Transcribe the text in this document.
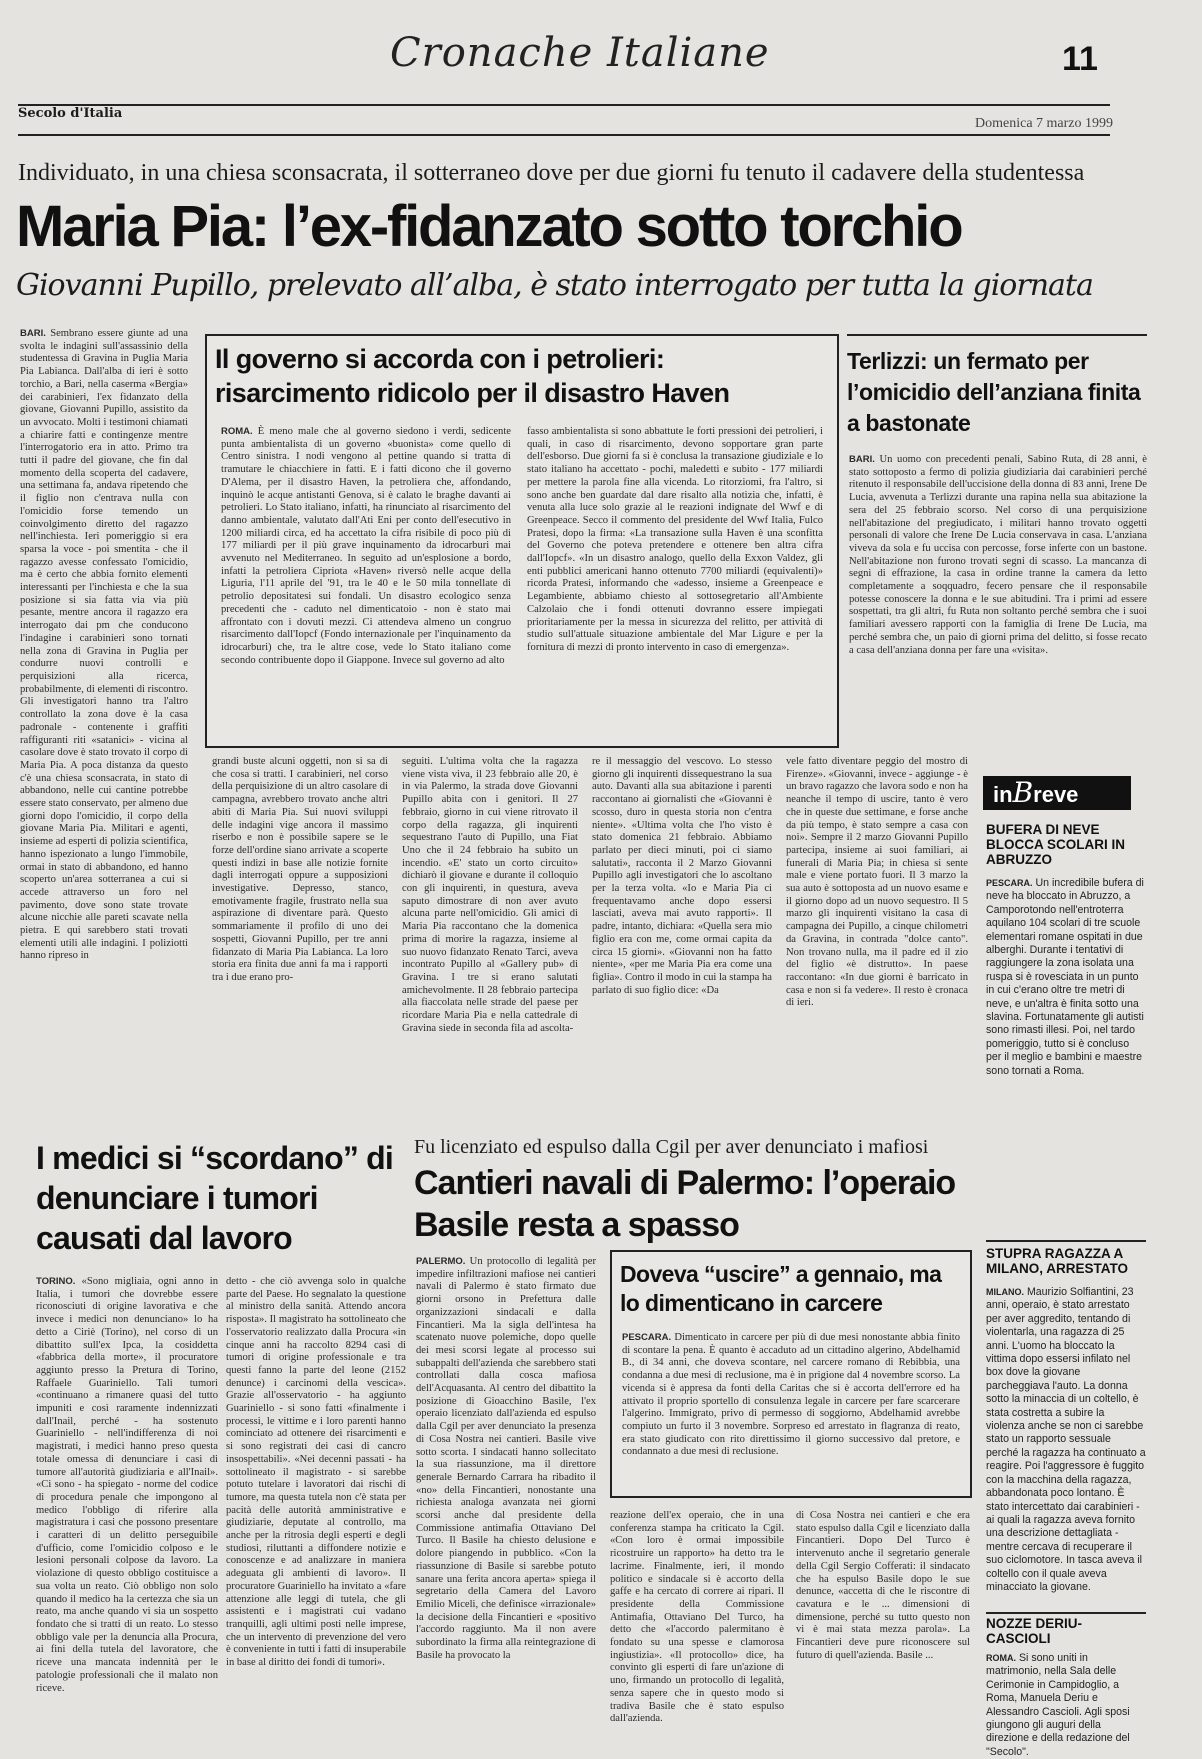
Cronache Italiane	11
Secolo d'Italia
Domenica 7 marzo 1999
Individuato, in una chiesa sconsacrata, il sotterraneo dove per due giorni fu tenuto il cadavere della studentessa
Maria Pia: l’ex-fidanzato sotto torchio
Giovanni Pupillo, prelevato all’alba, è stato interrogato per tutta la giornata

BARI. Sembrano essere giunte ad una svolta le indagini sull'assassinio della studentessa di Gravina in Puglia Maria Pia Labianca. Dall'alba di ieri è sotto torchio, a Bari, nella caserma «Bergia» dei carabinieri, l'ex fidanzato della giovane, Giovanni Pupillo, assistito da un avvocato. Molti i testimoni chiamati a chiarire fatti e contingenze mentre l'interrogatorio era in atto. Primo tra tutti il padre del giovane, che fin dal momento della scoperta del cadavere, una settimana fa, andava ripetendo che il figlio non c'entrava nulla con l'omicidio forse temendo un coinvolgimento diretto del ragazzo nell'inchiesta. Ieri pomeriggio si era sparsa la voce - poi smentita - che il ragazzo avesse confessato l'omicidio, ma è certo che abbia fornito elementi interessanti per l'inchiesta e che la sua posizione si sia fatta via via più pesante, mentre ancora il ragazzo era interrogato dai pm che conducono l'indagine i carabinieri sono tornati nella zona di Gravina in Puglia per condurre nuovi controlli e perquisizioni alla ricerca, probabilmente, di elementi di riscontro. Gli investigatori hanno tra l'altro controllato la zona dove è la casa padronale - contenente i graffiti raffiguranti riti «satanici» - vicina al casolare dove è stato trovato il corpo di Maria Pia. A poca distanza da questo c'è una chiesa sconsacrata, in stato di abbandono, nelle cui cantine potrebbe essere stato conservato, per almeno due giorni dopo l'omicidio, il corpo della giovane Maria Pia. Militari e agenti, insieme ad esperti di polizia scientifica, hanno ispezionato a lungo l'immobile, ormai in stato di abbandono, ed hanno scoperto un'area sotterranea a cui si accede attraverso un foro nel pavimento, dove sono state trovate alcune nicchie alle pareti scavate nella pietra. E qui sarebbero stati trovati elementi utili alle indagini. I poliziotti hanno ripreso in

Il governo si accorda con i petrolieri: risarcimento ridicolo per il disastro Haven

ROMA. È meno male che al governo siedono i verdi, sedicente punta ambientalista di un governo «buonista» come quello di Centro sinistra. I nodi vengono al pettine quando si tratta di tramutare le chiacchiere in fatti. E i fatti dicono che il governo D'Alema, per il disastro Haven, la petroliera che, affondando, inquinò le acque antistanti Genova, si è calato le braghe davanti ai petrolieri. Lo Stato italiano, infatti, ha rinunciato al risarcimento del danno ambientale, valutato dall'Ati Eni per conto dell'esecutivo in 1200 miliardi circa, ed ha accettato la cifra risibile di poco più di 177 miliardi per il più grave inquinamento da idrocarburi mai avvenuto nel Mediterraneo. In seguito ad un'esplosione a bordo, infatti la petroliera Cipriota «Haven» riversò nelle acque della Liguria, l'11 aprile del '91, tra le 40 e le 50 mila tonnellate di petrolio depositatesi sui fondali. Un disastro ecologico senza precedenti che - caduto nel dimenticatoio - non è stato mai affrontato con i dovuti mezzi. Ci attendeva almeno un congruo risarcimento dall'Iopcf (Fondo internazionale per l'inquinamento da idrocarburi) che, tra le altre cose, vede lo Stato italiano come secondo contribuente dopo il Giappone. Invece sul governo ad alto

fasso ambientalista si sono abbattute le forti pressioni dei petrolieri, i quali, in caso di risarcimento, devono sopportare gran parte dell'esborso. Due giorni fa si è conclusa la transazione giudiziale e lo stato italiano ha accettato - pochi, maledetti e subito - 177 miliardi per mettere la parola fine alla vicenda. Lo ritorziomi, fra l'altro, si sono anche ben guardate dal dare risalto alla notizia che, infatti, è venuta alla luce solo grazie al le reazioni indignate del Wwf e di Greenpeace. Secco il commento del presidente del Wwf Italia, Fulco Pratesi, dopo la firma: «La transazione sulla Haven è una sconfitta del Governo che poteva pretendere e ottenere ben altra cifra dall'Iopcf». «In un disastro analogo, quello della Exxon Valdez, gli enti pubblici americani hanno ottenuto 7700 miliardi (equivalenti)» ricorda Pratesi, informando che «adesso, insieme a Greenpeace e Legambiente, abbiamo chiesto al sottosegretario all'Ambiente Calzolaio che i fondi ottenuti dovranno essere impiegati prioritariamente per la messa in sicurezza del relitto, per attività di studio sull'attuale situazione ambientale del Mar Ligure e per la fornitura di mezzi di pronto intervento in caso di emergenza».

Terlizzi: un fermato per l’omicidio dell’anziana finita a bastonate

BARI. Un uomo con precedenti penali, Sabino Ruta, di 28 anni, è stato sottoposto a fermo di polizia giudiziaria dai carabinieri perché ritenuto il responsabile dell'uccisione della donna di 83 anni, Irene De Lucia, avvenuta a Terlizzi durante una rapina nella sua abitazione la sera del 25 febbraio scorso. Nel corso di una perquisizione nell'abitazione del pregiudicato, i militari hanno trovato oggetti personali di valore che Irene De Lucia conservava in casa. L'anziana viveva da sola e fu uccisa con percosse, forse inferte con un bastone. Nell'abitazione non furono trovati segni di scasso. La mancanza di segni di effrazione, la casa in ordine tranne la camera da letto completamente a soqquadro, fecero pensare che il responsabile potesse conoscere la donna e le sue abitudini. Tra i primi ad essere sospettati, tra gli altri, fu Ruta non soltanto perché sembra che i suoi familiari avessero rapporti con la famiglia di Irene De Lucia, ma perché sembra che, un paio di giorni prima del delitto, si fosse recato a casa dell'anziana donna per fare una «visita».

grandi buste alcuni oggetti, non si sa di che cosa si tratti. I carabinieri, nel corso della perquisizione di un altro casolare di campagna, avrebbero trovato anche altri abiti di Maria Pia. Sui nuovi sviluppi delle indagini vige ancora il massimo riserbo e non è possibile sapere se le forze dell'ordine siano arrivate a scoperte questi indizi in base alle notizie fornite dagli interrogati oppure a supposizioni investigative. Depresso, stanco, emotivamente fragile, frustrato nella sua aspirazione di diventare parà. Questo sommariamente il profilo di uno dei sospetti, Giovanni Pupillo, per tre anni fidanzato di Maria Pia Labianca. La loro storia era finita due anni fa ma i rapporti tra i due erano pro-

seguiti. L'ultima volta che la ragazza viene vista viva, il 23 febbraio alle 20, è in via Palermo, la strada dove Giovanni Pupillo abita con i genitori. Il 27 febbraio, giorno in cui viene ritrovato il corpo della ragazza, gli inquirenti sequestrano l'auto di Pupillo, una Fiat Uno che il 24 febbraio ha subito un incendio. «E' stato un corto circuito» dichiarò il giovane e durante il colloquio con gli inquirenti, in questura, aveva saputo dimostrare di non aver avuto alcuna parte nell'omicidio. Gli amici di Maria Pia raccontano che la domenica prima di morire la ragazza, insieme al suo nuovo fidanzato Renato Tarci, aveva incontrato Pupillo al «Gallery pub» di Gravina. I tre si erano salutati amichevolmente. Il 28 febbraio partecipa alla fiaccolata nelle strade del paese per ricordare Maria Pia e nella cattedrale di Gravina siede in seconda fila ad ascolta-

re il messaggio del vescovo. Lo stesso giorno gli inquirenti dissequestrano la sua auto. Davanti alla sua abitazione i parenti raccontano ai giornalisti che «Giovanni è scosso, duro in questa storia non c'entra niente». «Ultima volta che l'ho visto è stato domenica 21 febbraio. Abbiamo parlato per dieci minuti, poi ci siamo salutati», racconta il 2 Marzo Giovanni Pupillo agli investigatori che lo ascoltano per la terza volta. «Io e Maria Pia ci frequentavamo anche dopo essersi lasciati, aveva mai avuto rapporti». Il padre, intanto, dichiara: «Quella sera mio figlio era con me, come ormai capita da circa 15 giorni». «Giovanni non ha fatto niente», «per me Maria Pia era come una figlia». Contro il modo in cui la stampa ha parlato di suo figlio dice: «Da

vele fatto diventare peggio del mostro di Firenze». «Giovanni, invece - aggiunge - è un bravo ragazzo che lavora sodo e non ha neanche il tempo di uscire, tanto è vero che in queste due settimane, e forse anche da più tempo, è stato sempre a casa con noi». Sempre il 2 marzo Giovanni Pupillo partecipa, insieme ai suoi familiari, ai funerali di Maria Pia; in chiesa si sente male e viene portato fuori. Il 3 marzo la sua auto è sottoposta ad un nuovo esame e il giorno dopo ad un nuovo sequestro. Il 5 marzo gli inquirenti visitano la casa di campagna dei Pupillo, a cinque chilometri da Gravina, in contrada "dolce canto". Non trovano nulla, ma il padre ed il zio del figlio «è distrutto». In paese raccontano: «In due giorni è barricato in casa e non si fa vedere». Il resto è cronaca di ieri.

inBreve
BUFERA DI NEVE BLOCCA SCOLARI IN ABRUZZO

PESCARA. Un incredibile bufera di neve ha bloccato in Abruzzo, a Camporotondo nell'entroterra aquilano 104 scolari di tre scuole elementari romane ospitati in due alberghi. Durante i tentativi di raggiungere la zona isolata una ruspa si è rovesciata in un punto in cui c'erano oltre tre metri di neve, e un'altra è finita sotto una slavina. Fortunatamente gli autisti sono rimasti illesi. Poi, nel tardo pomeriggio, tutto si è concluso per il meglio e bambini e maestre sono tornati a Roma.

STUPRA RAGAZZA A MILANO, ARRESTATO

MILANO. Maurizio Solfiantini, 23 anni, operaio, è stato arrestato per aver aggredito, tentando di violentarla, una ragazza di 25 anni. L'uomo ha bloccato la vittima dopo essersi infilato nel box dove la giovane parcheggiava l'auto. La donna sotto la minaccia di un coltello, è stata costretta a subire la violenza anche se non ci sarebbe stato un rapporto sessuale perché la ragazza ha continuato a reagire. Poi l'aggressore è fuggito con la macchina della ragazza, abbandonata poco lontano. È stato intercettato dai carabinieri - ai quali la ragazza aveva fornito una descrizione dettagliata - mentre cercava di recuperare il suo ciclomotore. In tasca aveva il coltello con il quale aveva minacciato la giovane.

NOZZE DERIU-CASCIOLI

ROMA. Si sono uniti in matrimonio, nella Sala delle Cerimonie in Campidoglio, a Roma, Manuela Deriu e Alessandro Cascioli. Agli sposi giungono gli auguri della direzione e della redazione del "Secolo".

I medici si “scordano” di denunciare i tumori causati dal lavoro

TORINO. «Sono migliaia, ogni anno in Italia, i tumori che dovrebbe essere riconosciuti di origine lavorativa e che invece i medici non denunciano» lo ha detto a Ciriè (Torino), nel corso di un dibattito sull'ex Ipca, la cosiddetta «fabbrica della morte», il procuratore aggiunto presso la Pretura di Torino, Raffaele Guariniello. Tali tumori «continuano a rimanere quasi del tutto impuniti e così raramente indennizzati dall'Inail, perché - ha sostenuto Guariniello - nell'indifferenza di noi magistrati, i medici hanno preso questa totale omessa di denunciare i casi di tumore all'autorità giudiziaria e all'Inail». «Ci sono - ha spiegato - norme del codice di procedura penale che impongono al medico l'obbligo di riferire alla magistratura i casi che possono presentare i caratteri di un delitto perseguibile d'ufficio, come l'omicidio colposo e le lesioni personali colpose da lavoro. La violazione di questo obbligo costituisce a sua volta un reato. Ciò obbligo non solo quando il medico ha la certezza che sia un reato, ma anche quando vi sia un sospetto fondato che si tratti di un reato. Lo stesso obbligo vale per la denuncia alla Procura, ai fini della tutela del lavoratore, che riceve una mancata indennità per le patologie professionali che il malato non riceve.

detto - che ciò avvenga solo in qualche parte del Paese. Ho segnalato la questione al ministro della sanità. Attendo ancora risposta». Il magistrato ha sottolineato che l'osservatorio realizzato dalla Procura «in cinque anni ha raccolto 8294 casi di tumori di origine professionale e tra questi fanno la parte del leone (2152 denunce) i carcinomi della vescica». Grazie all'osservatorio - ha aggiunto Guariniello - si sono fatti «finalmente i processi, le vittime e i loro parenti hanno cominciato ad ottenere dei risarcimenti e si sono registrati dei casi di cancro insospettabili». «Nei decenni passati - ha sottolineato il magistrato - si sarebbe potuto tutelare i lavoratori dai rischi di tumore, ma questa tutela non c'è stata per pacità delle autorità amministrative e giudiziarie, deputate al controllo, ma anche per la ritrosia degli esperti e degli studiosi, riluttanti a diffondere notizie e conoscenze e ad analizzare in maniera adeguata gli ambienti di lavoro». Il procuratore Guariniello ha invitato a «fare attenzione alle leggi di tutela, che gli assistenti e i magistrati cui vadano tranquilli, agli ultimi posti nelle imprese, che un intervento di prevenzione del vero è conveniente in tutti i fatti di insuperabile in base al diritto dei fondi di tumori».

Fu licenziato ed espulso dalla Cgil per aver denunciato i mafiosi
Cantieri navali di Palermo: l’operaio Basile resta a spasso

PALERMO. Un protocollo di legalità per impedire infiltrazioni mafiose nei cantieri navali di Palermo è stato firmato due giorni orsono in Prefettura dalle organizzazioni sindacali e dalla Fincantieri. Ma la sigla dell'intesa ha scatenato nuove polemiche, dopo quelle dei mesi scorsi legate al processo sui subappalti dell'azienda che sarebbero stati controllati dalla cosca mafiosa dell'Acquasanta. Al centro del dibattito la posizione di Gioacchino Basile, l'ex operaio licenziato dall'azienda ed espulso dalla Cgil per aver denunciato la presenza di Cosa Nostra nei cantieri. Basile vive sotto scorta. I sindacati hanno sollecitato la sua riassunzione, ma il direttore generale Bernardo Carrara ha ribadito il «no» della Fincantieri, nonostante una richiesta analoga avanzata nei giorni scorsi anche dal presidente della Commissione antimafia Ottaviano Del Turco. Il Basile ha chiesto delusione e dolore piangendo in pubblico. «Con la riassunzione di Basile si sarebbe potuto sanare una ferita ancora aperta» spiega il segretario della Camera del Lavoro Emilio Miceli, che definisce «irrazionale» la decisione della Fincantieri e «positivo l'accordo raggiunto. Ma il non avere subordinato la firma alla reintegrazione di Basile ha provocato la

Doveva “uscire” a gennaio, ma lo dimenticano in carcere

PESCARA. Dimenticato in carcere per più di due mesi nonostante abbia finito di scontare la pena. È quanto è accaduto ad un cittadino algerino, Abdelhamid B., di 34 anni, che doveva scontare, nel carcere romano di Rebibbia, una condanna a due mesi di reclusione, ma è in prigione dal 4 novembre scorso. La vicenda si è appresa da fonti della Caritas che si è accorta dell'errore ed ha attivato il proprio sportello di consulenza legale in carcere per fare scarcerare l'algerino. Immigrato, privo di permesso di soggiorno, Abdelhamid avrebbe compiuto un furto il 3 novembre. Sorpreso ed arrestato in flagranza di reato, era stato giudicato con rito direttissimo il giorno successivo dal pretore, e condannato a due mesi di reclusione.

reazione dell'ex operaio, che in una conferenza stampa ha criticato la Cgil. «Con loro è ormai impossibile ricostruire un rapporto» ha detto tra le lacrime. Finalmente, ieri, il mondo politico e sindacale si è accorto della gaffe e ha cercato di correre ai ripari. Il presidente della Commissione Antimafia, Ottaviano Del Turco, ha detto che «l'accordo palermitano è fondato su una spesse e clamorosa ingiustizia». «Il protocollo» dice, ha convinto gli esperti di fare un'azione di uno, firmando un protocollo di legalità, senza sapere che in questo modo si tradiva Basile che è stato espulso dall'azienda.

di Cosa Nostra nei cantieri e che era stato espulso dalla Cgil e licenziato dalla Fincantieri. Dopo Del Turco è intervenuto anche il segretario generale della Cgil Sergio Cofferati: il sindacato che ha espulso Basile dopo le sue denunce, «accetta di che le riscontre di cavatura e le ... dimensioni di dimensione, perché su tutto questo non vi è mai stata mezza parola». La Fincantieri deve pure riconoscere sul futuro di quell'azienda. Basile ...
